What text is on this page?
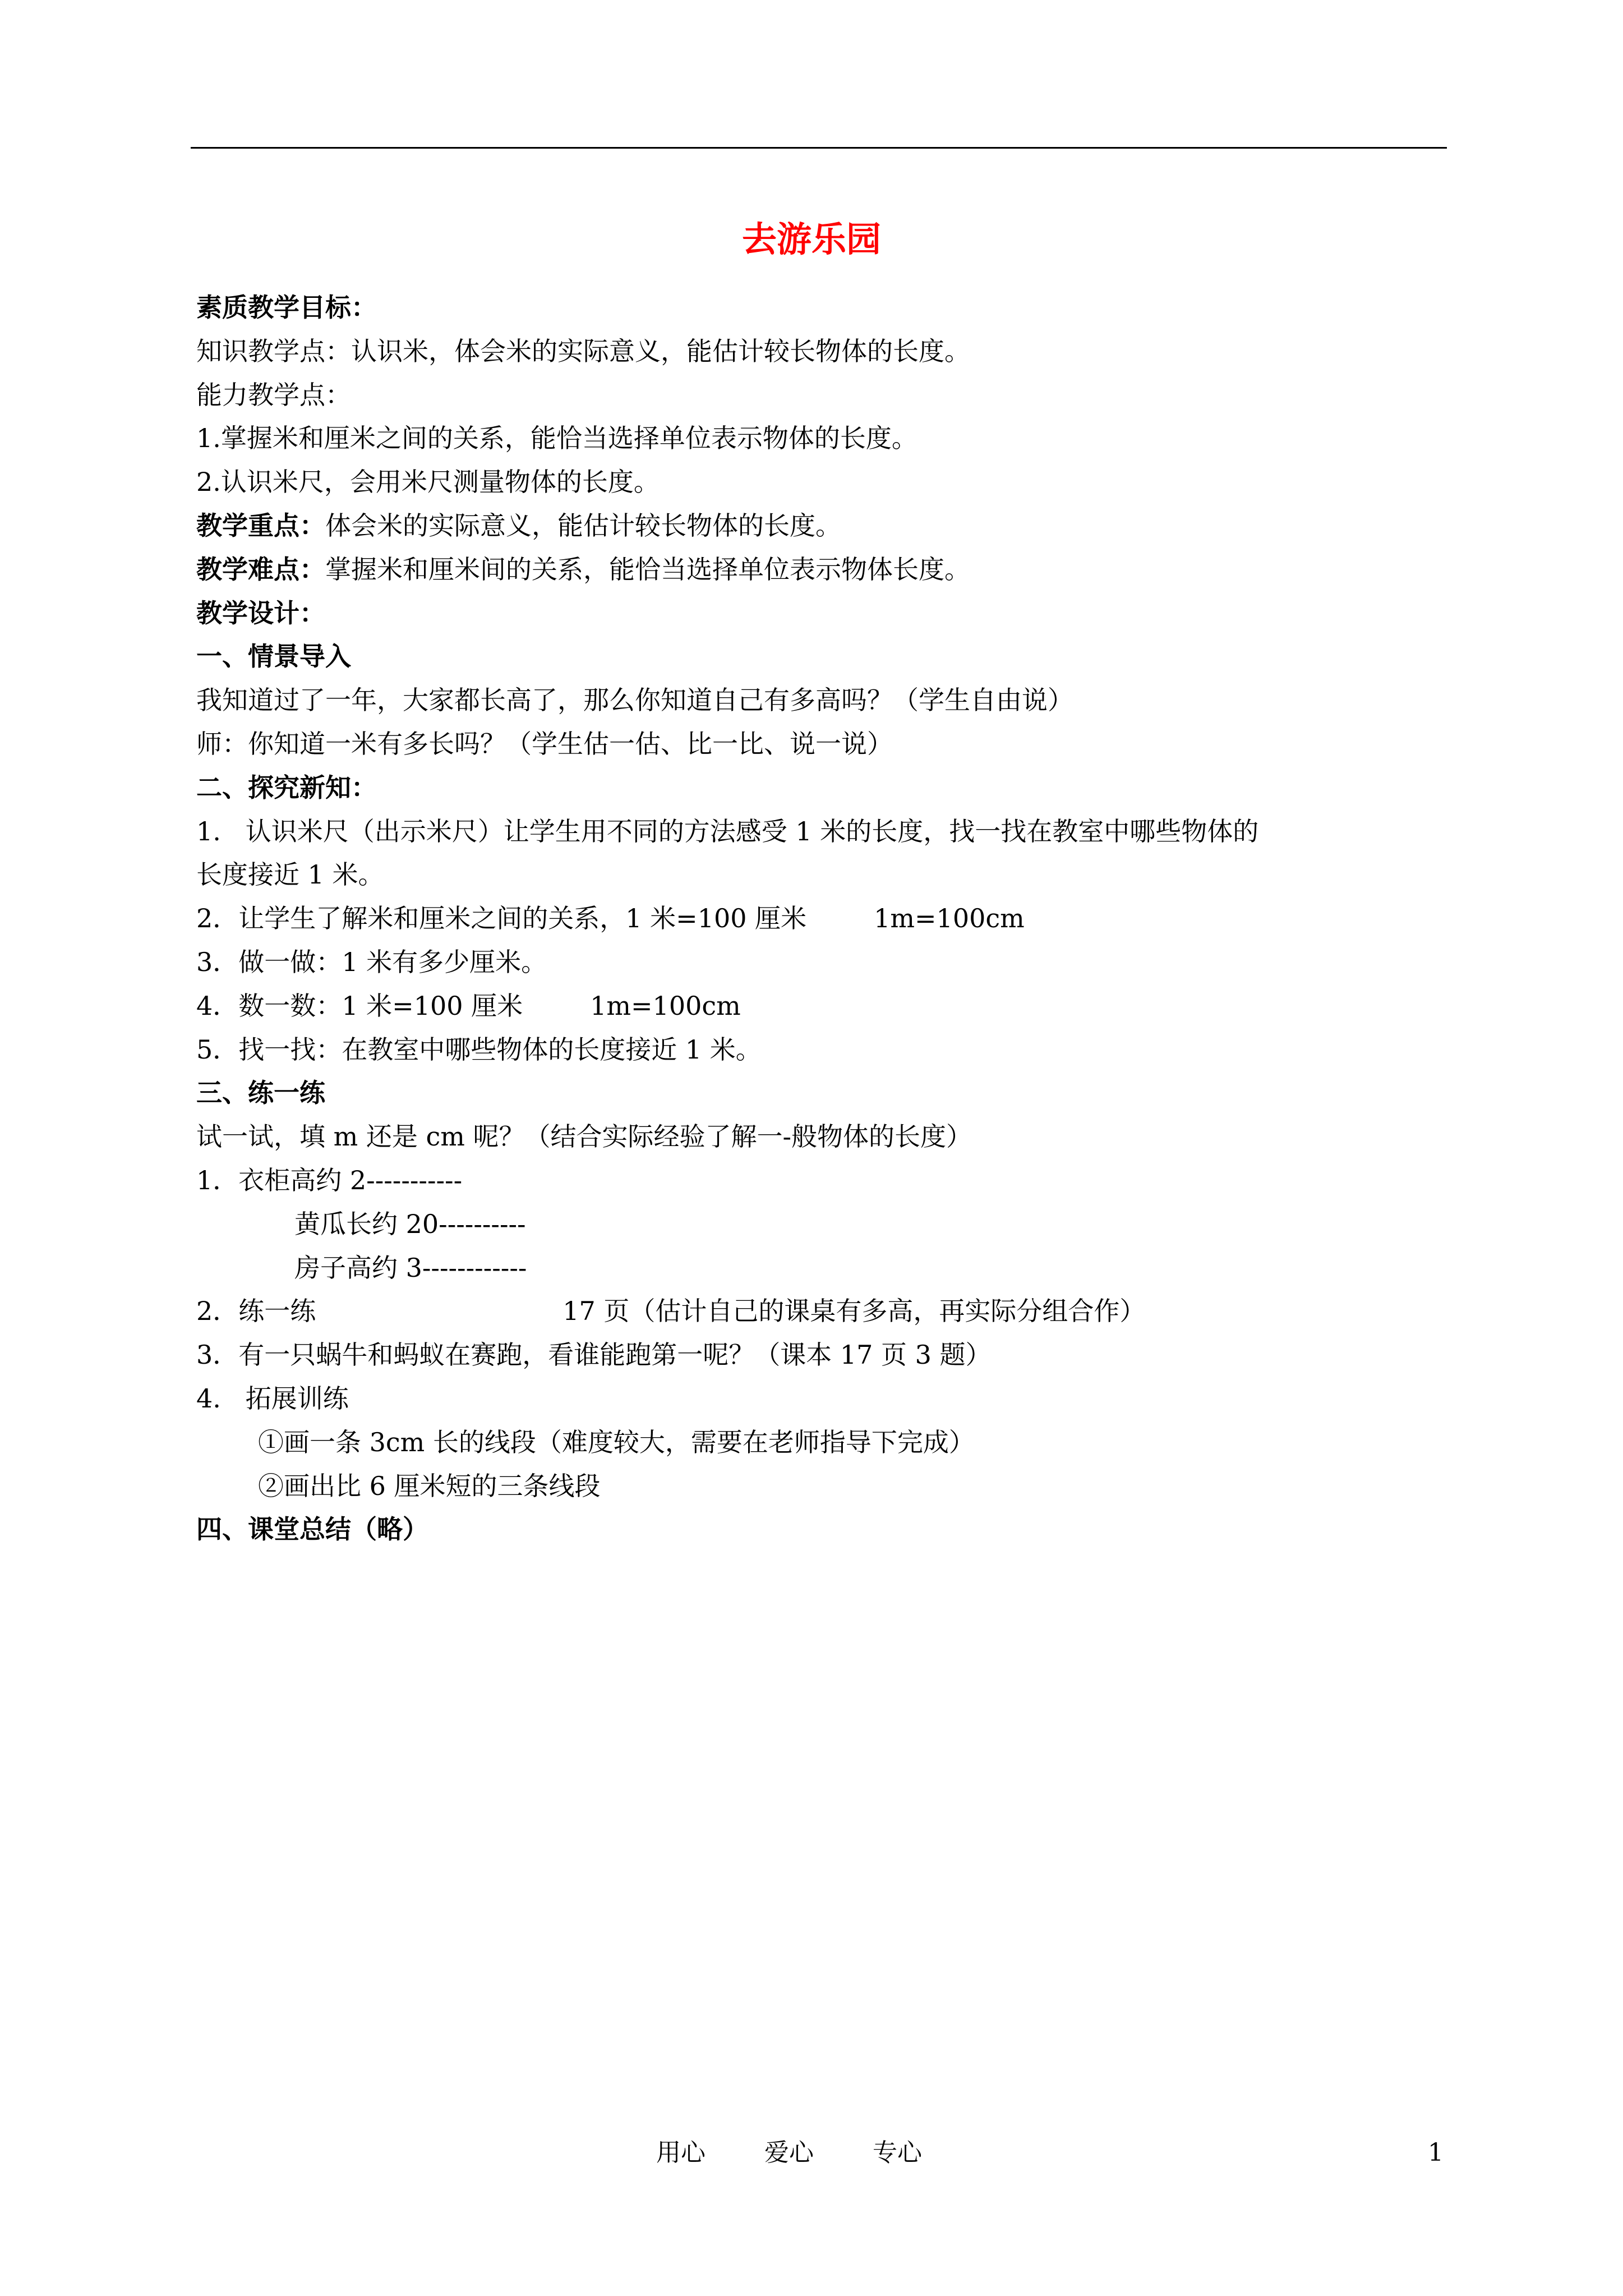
去游乐园
素质教学目标：
知识教学点：认识米，体会米的实际意义，能估计较长物体的长度。
能力教学点：
1.掌握米和厘米之间的关系，能恰当选择单位表示物体的长度。
2.认识米尺，会用米尺测量物体的长度。
教学重点：体会米的实际意义，能估计较长物体的长度。
教学难点：掌握米和厘米间的关系，能恰当选择单位表示物体长度。
教学设计：
一、情景导入
我知道过了一年，大家都长高了，那么你知道自己有多高吗？（学生自由说）
师：你知道一米有多长吗？（学生估一估、比一比、说一说）
二、探究新知：
1.   认识米尺（出示米尺）让学生用不同的方法感受 1 米的长度，找一找在教室中哪些物体的
长度接近 1 米。
2．让学生了解米和厘米之间的关系，1 米=100 厘米	1m=100cm
3．做一做：1 米有多少厘米。
4．数一数：1 米=100 厘米	1m=100cm
5．找一找：在教室中哪些物体的长度接近 1 米。
三、练一练
试一试，填 m 还是 cm 呢？（结合实际经验了解一-般物体的长度）
1．衣柜高约 2-----------
黄瓜长约 20----------
房子高约 3------------
2．练一练	17 页（估计自己的课桌有多高，再实际分组合作）
3．有一只蜗牛和蚂蚁在赛跑，看谁能跑第一呢？（课本 17 页 3 题）
4.   拓展训练
①画一条 3cm 长的线段（难度较大，需要在老师指导下完成）
②画出比 6 厘米短的三条线段
四、课堂总结（略）
用心 爱心 专心	1
